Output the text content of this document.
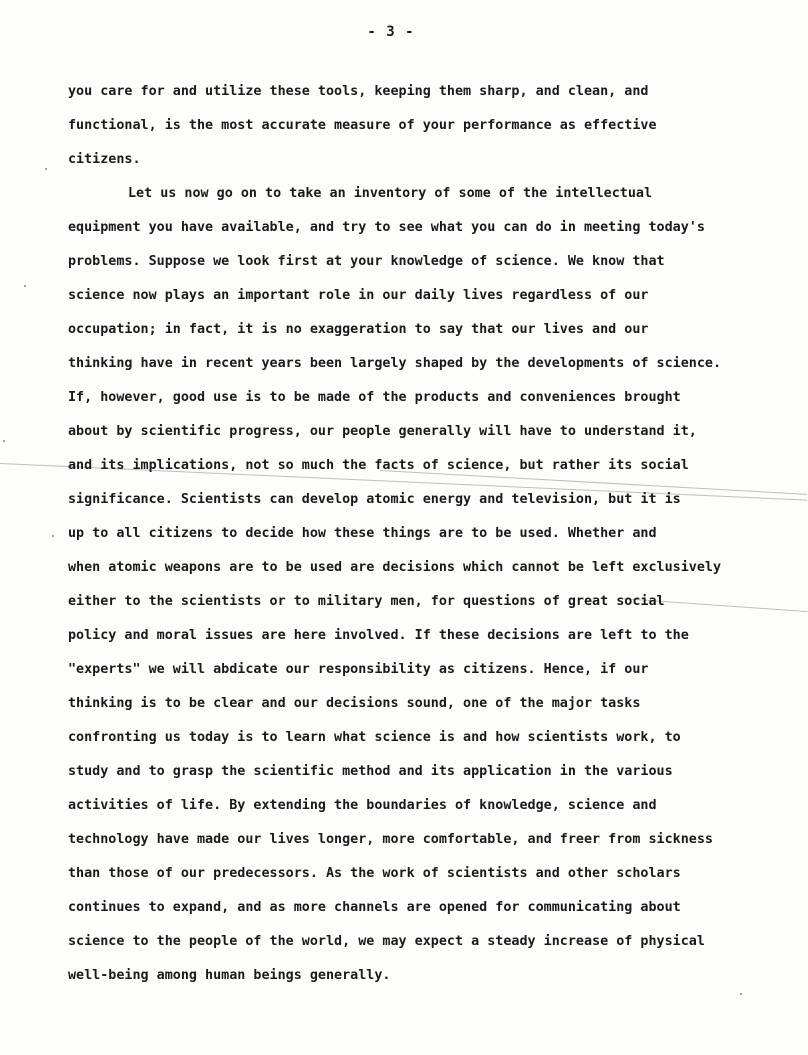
- 3 -
you care for and utilize these tools, keeping them sharp, and clean, and
functional, is the most accurate measure of your performance as effective
citizens.
Let us now go on to take an inventory of some of the intellectual
equipment you have available, and try to see what you can do in meeting today's
problems. Suppose we look first at your knowledge of science. We know that
science now plays an important role in our daily lives regardless of our
occupation; in fact, it is no exaggeration to say that our lives and our
thinking have in recent years been largely shaped by the developments of science.
If, however, good use is to be made of the products and conveniences brought
about by scientific progress, our people generally will have to understand it,
and its implications, not so much the facts of science, but rather its social
significance. Scientists can develop atomic energy and television, but it is
up to all citizens to decide how these things are to be used. Whether and
when atomic weapons are to be used are decisions which cannot be left exclusively
either to the scientists or to military men, for questions of great social
policy and moral issues are here involved. If these decisions are left to the
"experts" we will abdicate our responsibility as citizens. Hence, if our
thinking is to be clear and our decisions sound, one of the major tasks
confronting us today is to learn what science is and how scientists work, to
study and to grasp the scientific method and its application in the various
activities of life. By extending the boundaries of knowledge, science and
technology have made our lives longer, more comfortable, and freer from sickness
than those of our predecessors. As the work of scientists and other scholars
continues to expand, and as more channels are opened for communicating about
science to the people of the world, we may expect a steady increase of physical
well-being among human beings generally.
